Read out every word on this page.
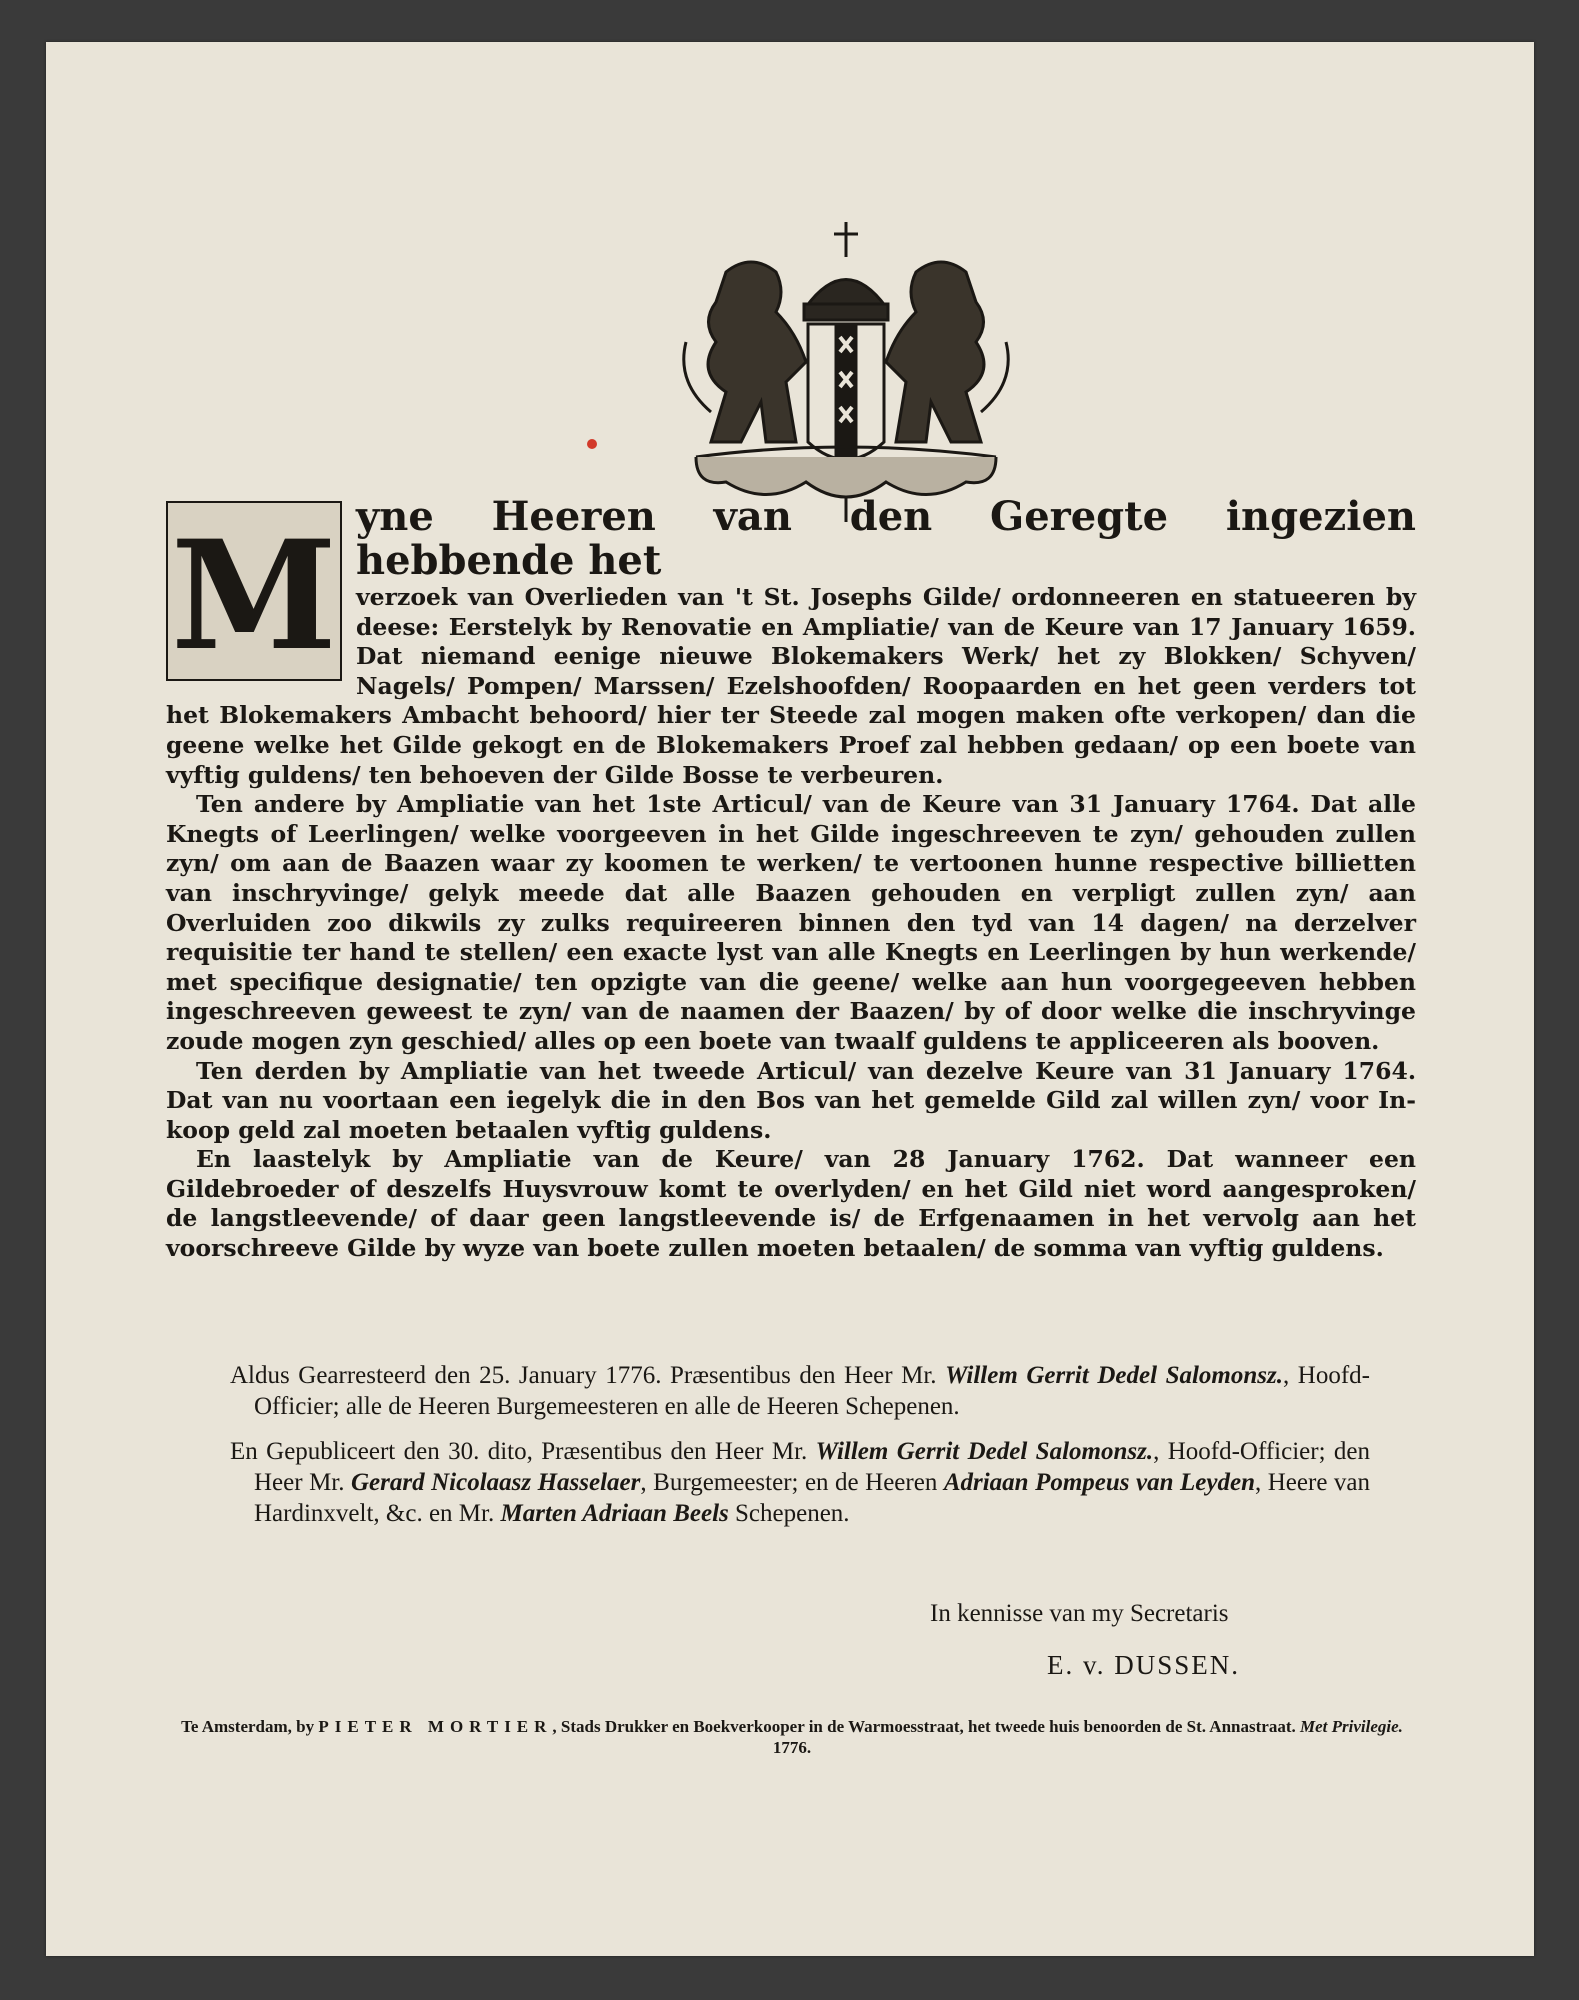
M yne Heeren van den Geregte ingezien hebbende het

verzoek van Overlieden van 't St. Josephs Gilde/ ordonneeren en statueeren by deese: Eerstelyk by Renovatie en Ampliatie/ van de Keure van 17 January 1659. Dat niemand eenige nieuwe Blokemakers Werk/ het zy Blokken/ Schyven/ Nagels/ Pompen/ Marssen/ Ezelshoofden/ Roopaarden en het geen verders tot het Blokemakers Ambacht behoord/ hier ter Steede zal mogen maken ofte verkopen/ dan die geene welke het Gilde gekogt en de Blokemakers Proef zal hebben gedaan/ op een boete van vyftig guldens/ ten behoeven der Gilde Bosse te verbeuren.

Ten andere by Ampliatie van het 1ste Articul/ van de Keure van 31 January 1764. Dat alle Knegts of Leerlingen/ welke voorgeeven in het Gilde ingeschreeven te zyn/ gehouden zullen zyn/ om aan de Baazen waar zy koomen te werken/ te vertoonen hunne respective billietten van inschryvinge/ gelyk meede dat alle Baazen gehouden en verpligt zullen zyn/ aan Overluiden zoo dikwils zy zulks requireeren binnen den tyd van 14 dagen/ na derzelver requisitie ter hand te stellen/ een exacte lyst van alle Knegts en Leerlingen by hun werkende/ met specifique designatie/ ten opzigte van die geene/ welke aan hun voorgegeeven hebben ingeschreeven geweest te zyn/ van de naamen der Baazen/ by of door welke die inschryvinge zoude mogen zyn geschied/ alles op een boete van twaalf guldens te appliceeren als booven.

Ten derden by Ampliatie van het tweede Articul/ van dezelve Keure van 31 January 1764. Dat van nu voortaan een iegelyk die in den Bos van het gemelde Gild zal willen zyn/ voor In-koop geld zal moeten betaalen vyftig guldens.

En laastelyk by Ampliatie van de Keure/ van 28 January 1762. Dat wanneer een Gildebroeder of deszelfs Huysvrouw komt te overlyden/ en het Gild niet word aangesproken/ de langstleevende/ of daar geen langstleevende is/ de Erfgenaamen in het vervolg aan het voorschreeve Gilde by wyze van boete zullen moeten betaalen/ de somma van vyftig guldens.

Aldus Gearresteerd den 25. January 1776. Præsentibus den Heer Mr. Willem Gerrit Dedel Salomonsz., Hoofd-Officier; alle de Heeren Burgemeesteren en alle de Heeren Schepenen.

En Gepubliceert den 30. dito, Præsentibus den Heer Mr. Willem Gerrit Dedel Salomonsz., Hoofd-Officier; den Heer Mr. Gerard Nicolaasz Hasselaer, Burgemeester; en de Heeren Adriaan Pompeus van Leyden, Heere van Hardinxvelt, &c. en Mr. Marten Adriaan Beels Schepenen.

In kennisse van my Secretaris
E. v. DUSSEN.
Te Amsterdam, by PIETER MORTIER, Stads Drukker en Boekverkooper in de Warmoesstraat, het tweede huis benoorden de St. Annastraat. Met Privilegie. 1776.
